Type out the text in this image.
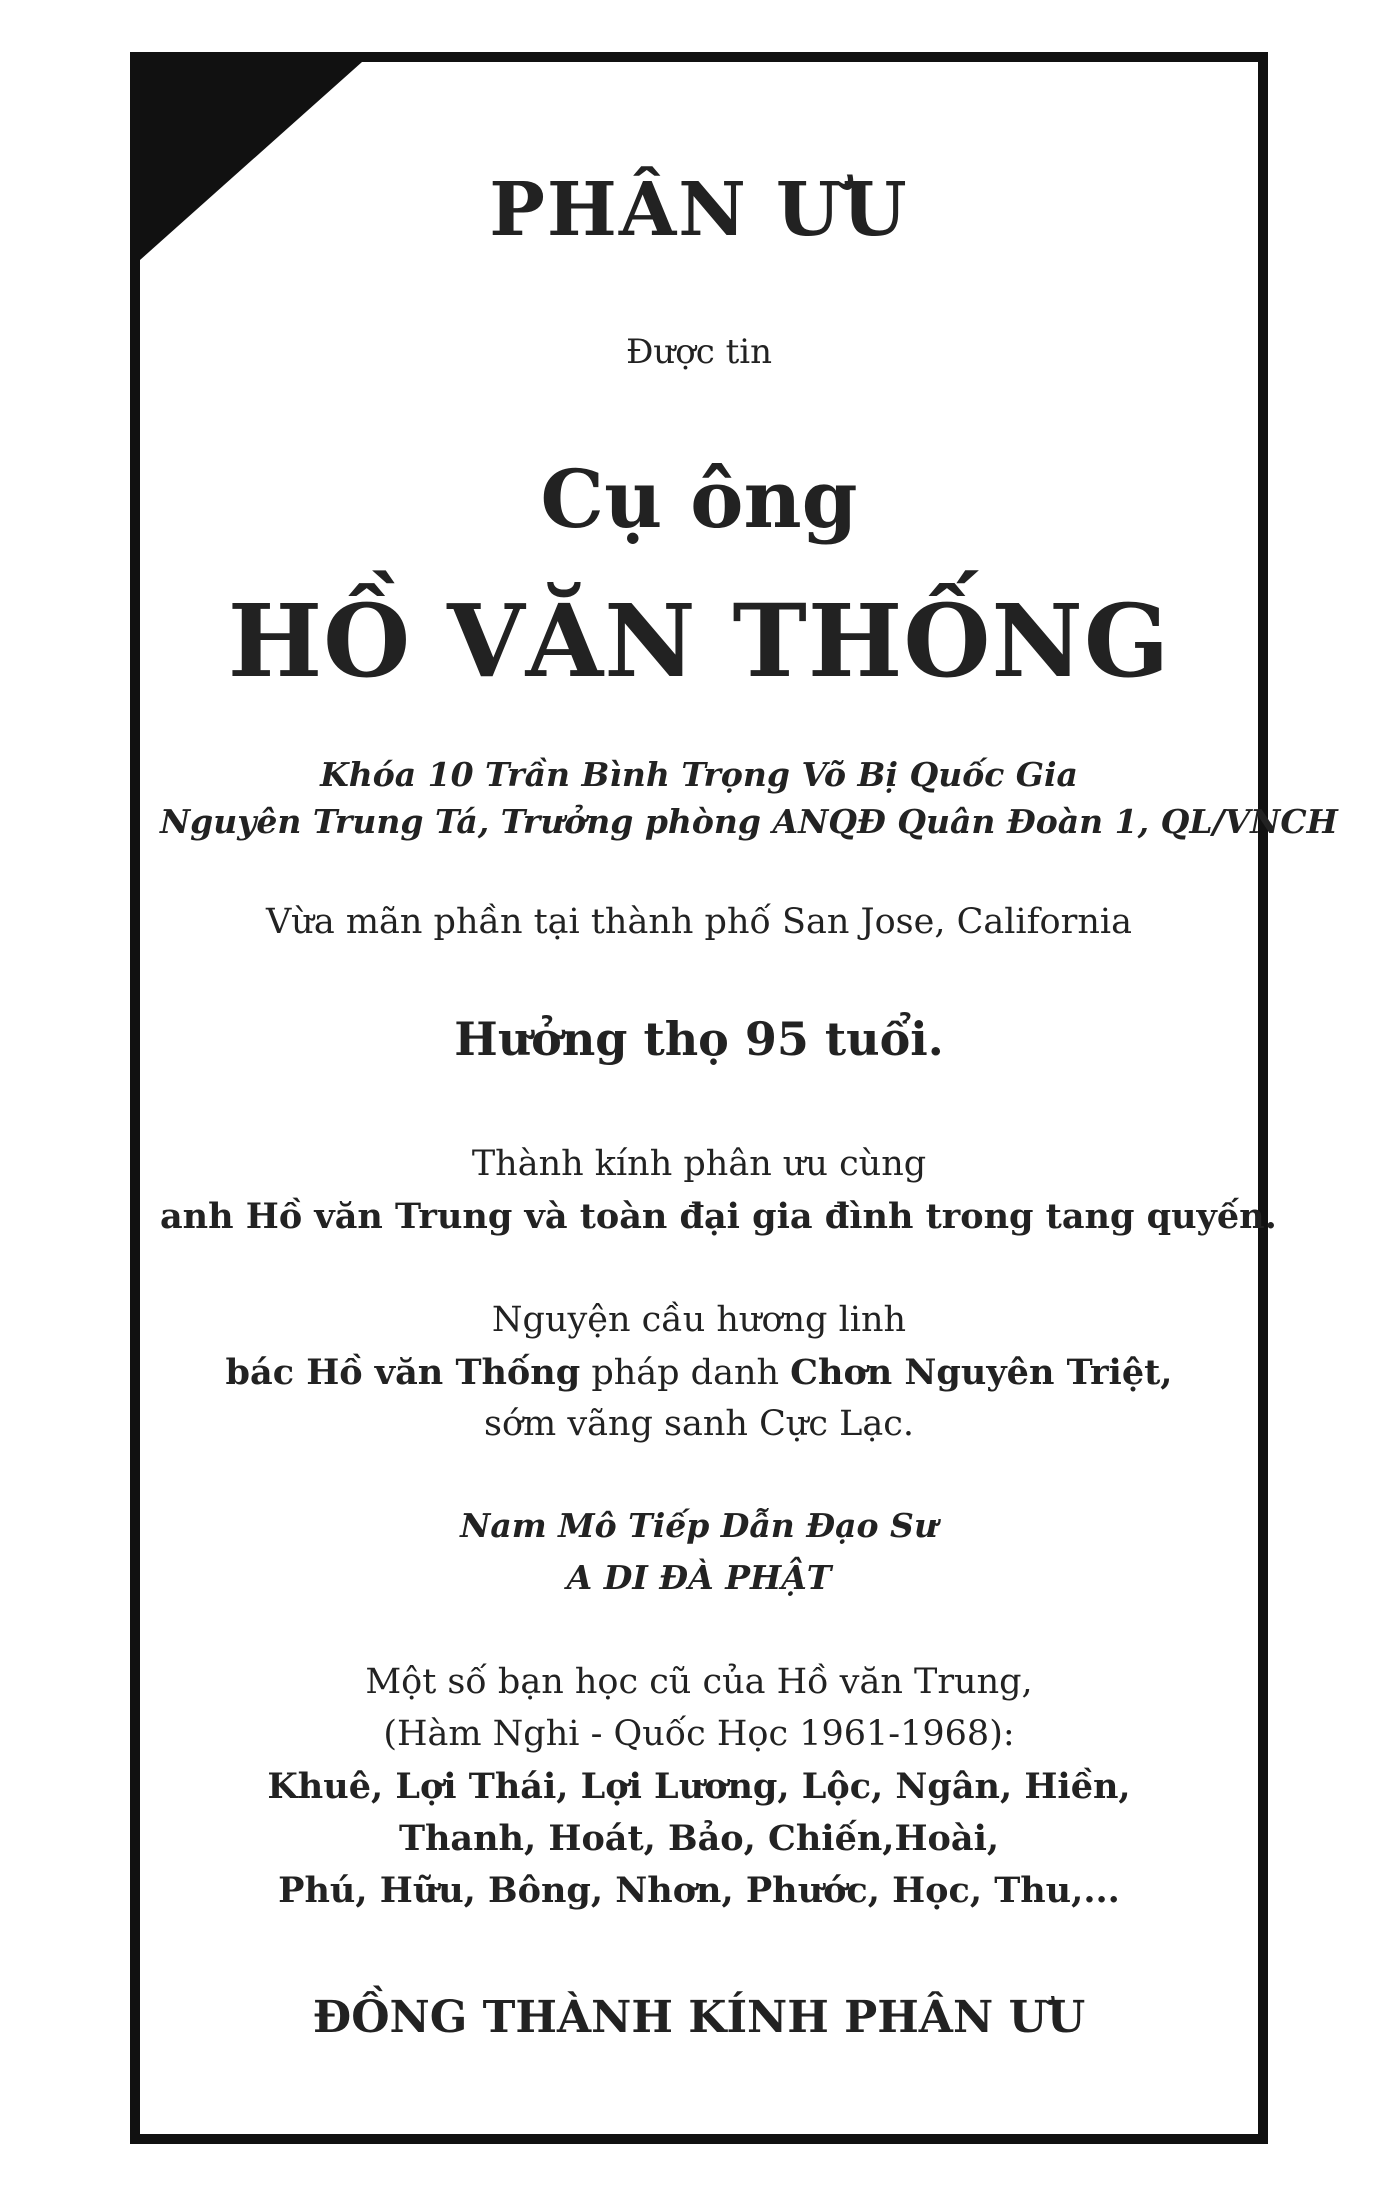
PHÂN ƯU
Được tin
Cụ ông
HỒ VĂN THỐNG
Khóa 10 Trần Bình Trọng Võ Bị Quốc Gia
Nguyên Trung Tá, Trưởng phòng ANQĐ Quân Đoàn 1, QL/VNCH
Vừa mãn phần tại thành phố San Jose, California
Hưởng thọ 95 tuổi.
Thành kính phân ưu cùng
anh Hồ văn Trung và toàn đại gia đình trong tang quyến.
Nguyện cầu hương linh
bác Hồ văn Thống pháp danh Chơn Nguyên Triệt,
sớm vãng sanh Cực Lạc.
Nam Mô Tiếp Dẫn Đạo Sư
A DI ĐÀ PHẬT
Một số bạn học cũ của Hồ văn Trung,
(Hàm Nghi - Quốc Học 1961-1968):
Khuê, Lợi Thái, Lợi Lương, Lộc, Ngân, Hiền,
Thanh, Hoát, Bảo, Chiến,Hoài,
Phú, Hữu, Bông, Nhơn, Phước, Học, Thu,...
ĐỒNG THÀNH KÍNH PHÂN ƯU
